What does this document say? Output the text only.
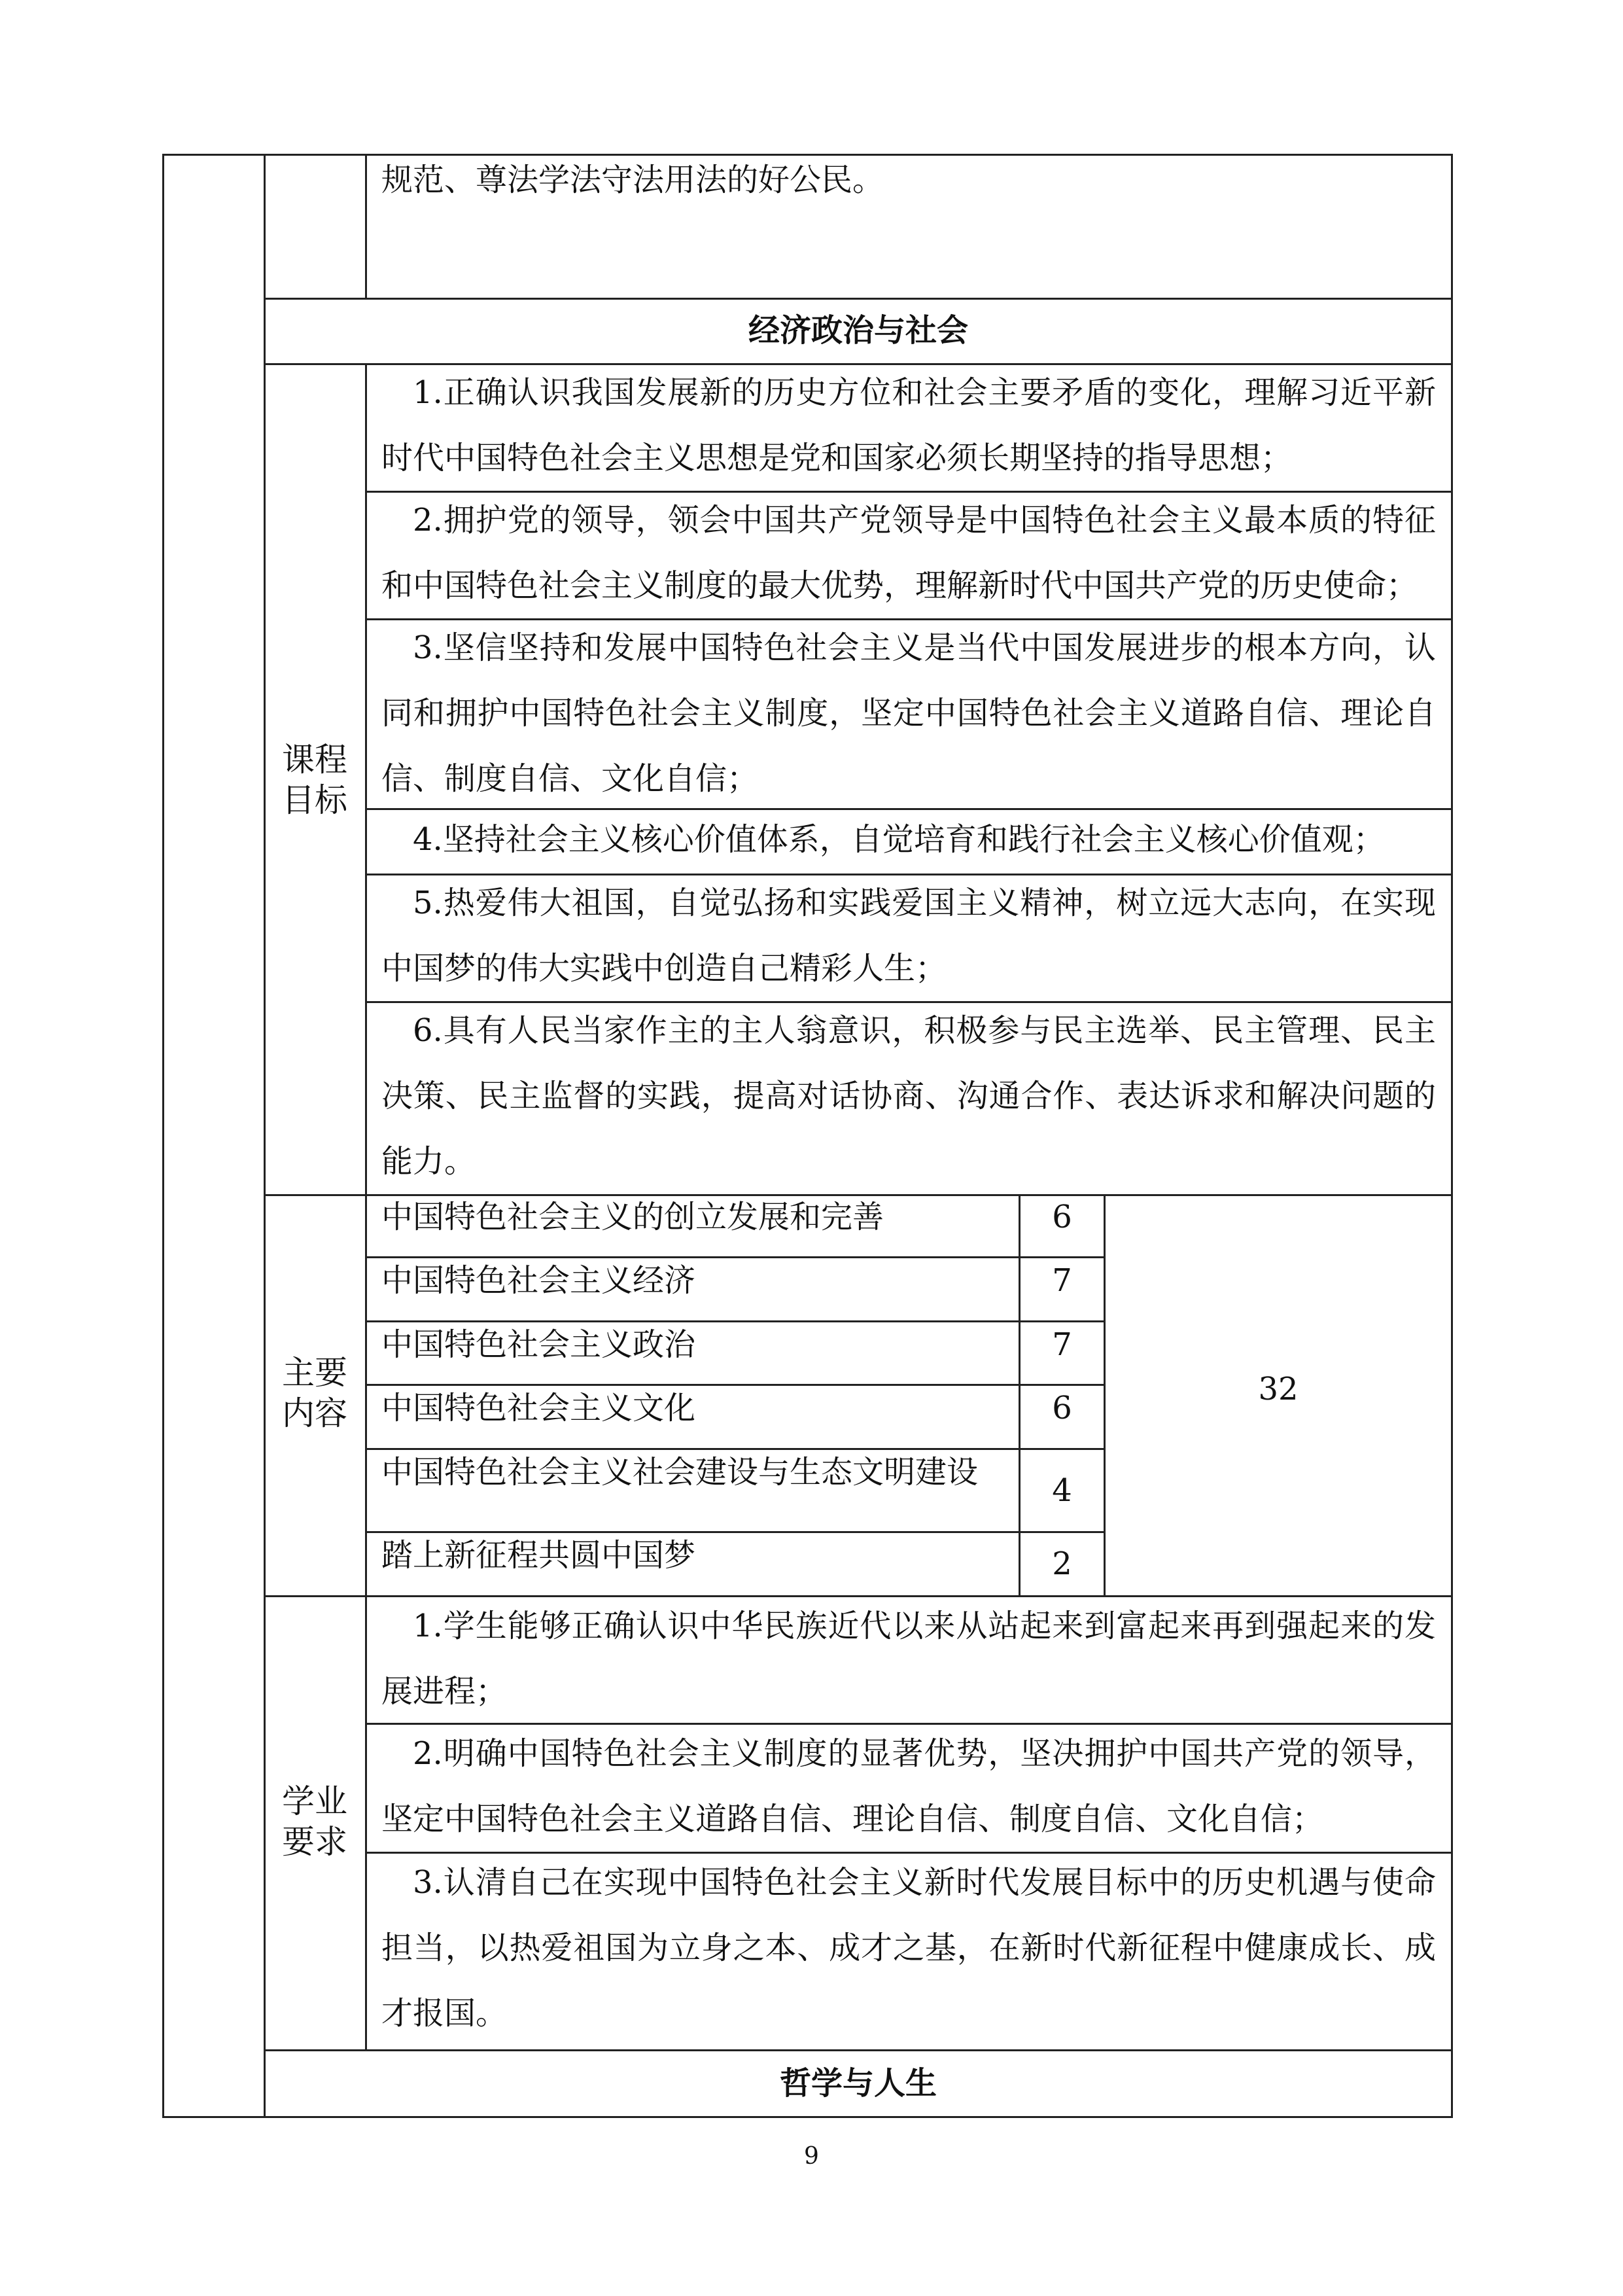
规范、尊法学法守法用法的好公民。
经济政治与社会
课程目标
1.正确认识我国发展新的历史方位和社会主要矛盾的变化，理解习近平新时代中国特色社会主义思想是党和国家必须长期坚持的指导思想；
2.拥护党的领导，领会中国共产党领导是中国特色社会主义最本质的特征和中国特色社会主义制度的最大优势，理解新时代中国共产党的历史使命；
3.坚信坚持和发展中国特色社会主义是当代中国发展进步的根本方向，认同和拥护中国特色社会主义制度，坚定中国特色社会主义道路自信、理论自信、制度自信、文化自信；
4.坚持社会主义核心价值体系，自觉培育和践行社会主义核心价值观；
5.热爱伟大祖国，自觉弘扬和实践爱国主义精神，树立远大志向，在实现中国梦的伟大实践中创造自己精彩人生；
6.具有人民当家作主的主人翁意识，积极参与民主选举、民主管理、民主决策、民主监督的实践，提高对话协商、沟通合作、表达诉求和解决问题的能力。
主要内容
中国特色社会主义的创立发展和完善	6
中国特色社会主义经济	7
中国特色社会主义政治	7
中国特色社会主义文化	6
中国特色社会主义社会建设与生态文明建设	4
踏上新征程共圆中国梦	2
32
学业要求
1.学生能够正确认识中华民族近代以来从站起来到富起来再到强起来的发展进程；
2.明确中国特色社会主义制度的显著优势，坚决拥护中国共产党的领导，坚定中国特色社会主义道路自信、理论自信、制度自信、文化自信；
3.认清自己在实现中国特色社会主义新时代发展目标中的历史机遇与使命担当，以热爱祖国为立身之本、成才之基，在新时代新征程中健康成长、成才报国。
哲学与人生
9
